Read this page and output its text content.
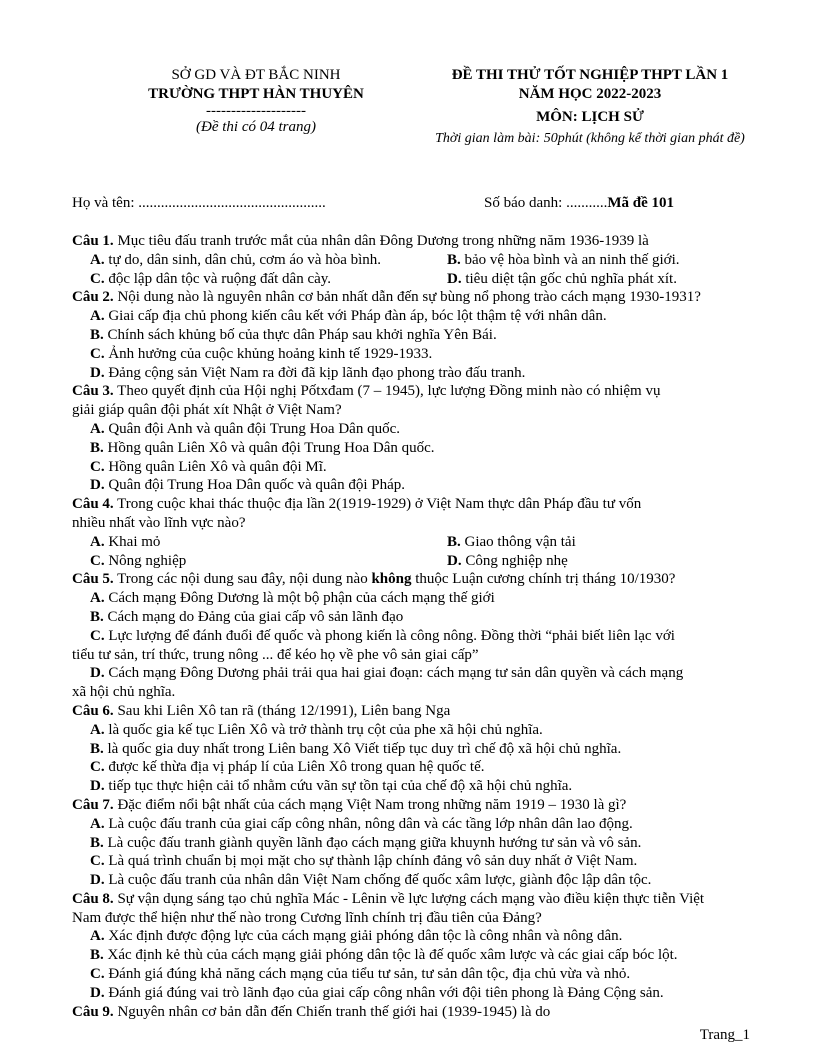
SỞ GD VÀ ĐT BẮC NINH
TRƯỜNG THPT HÀN THUYÊN
--------------------
(Đề thi có 04 trang)
ĐỀ THI THỬ TỐT NGHIỆP THPT LẦN 1
NĂM HỌC 2022-2023
MÔN: LỊCH SỬ
Thời gian làm bài: 50phút (không kể thời gian phát đề)
Họ và tên: ..................................................	Số báo danh: ...........Mã đề 101
Câu 1. Mục tiêu đấu tranh trước mắt của nhân dân Đông Dương trong những năm 1936-1939 là
A. tự do, dân sinh, dân chủ, cơm áo và hòa bình.	B. bảo vệ hòa bình và an ninh thế giới.
C. độc lập dân tộc và ruộng đất dân cày.	D. tiêu diệt tận gốc chủ nghĩa phát xít.
Câu 2. Nội dung nào là nguyên nhân cơ bản nhất dẫn đến sự bùng nổ phong trào cách mạng 1930-1931?
A. Giai cấp địa chủ phong kiến câu kết với Pháp đàn áp, bóc lột thậm tệ với nhân dân.
B. Chính sách khủng bố của thực dân Pháp sau khởi nghĩa Yên Bái.
C. Ảnh hưởng của cuộc khủng hoảng kinh tế 1929-1933.
D. Đảng cộng sản Việt Nam ra đời đã kịp lãnh đạo phong trào đấu tranh.
Câu 3. Theo quyết định của Hội nghị Pốtxđam (7 – 1945), lực lượng Đồng minh nào có nhiệm vụ
giải giáp quân đội phát xít Nhật ở Việt Nam?
A. Quân đội Anh và quân đội Trung Hoa Dân quốc.
B. Hồng quân Liên Xô và quân đội Trung Hoa Dân quốc.
C. Hồng quân Liên Xô và quân đội Mĩ.
D. Quân đội Trung Hoa Dân quốc và quân đội Pháp.
Câu 4. Trong cuộc khai thác thuộc địa lần 2(1919-1929) ở Việt Nam thực dân Pháp đầu tư vốn
nhiều nhất vào lĩnh vực nào?
A. Khai mỏ	B. Giao thông vận tải
C. Nông nghiệp	D. Công nghiệp nhẹ
Câu 5. Trong các nội dung sau đây, nội dung nào không thuộc Luận cương chính trị tháng 10/1930?
A. Cách mạng Đông Dương là một bộ phận của cách mạng thế giới
B. Cách mạng do Đảng của giai cấp vô sản lãnh đạo
C. Lực lượng để đánh đuổi đế quốc và phong kiến là công nông. Đồng thời “phải biết liên lạc với
tiểu tư sản, trí thức, trung nông ... để kéo họ về phe vô sản giai cấp”
D. Cách mạng Đông Dương phải trải qua hai giai đoạn: cách mạng tư sản dân quyền và cách mạng
xã hội chủ nghĩa.
Câu 6. Sau khi Liên Xô tan rã (tháng 12/1991), Liên bang Nga
A. là quốc gia kế tục Liên Xô và trở thành trụ cột của phe xã hội chủ nghĩa.
B. là quốc gia duy nhất trong Liên bang Xô Viết tiếp tục duy trì chế độ xã hội chủ nghĩa.
C. được kế thừa địa vị pháp lí của Liên Xô trong quan hệ quốc tế.
D. tiếp tục thực hiện cải tổ nhằm cứu vãn sự tồn tại của chế độ xã hội chủ nghĩa.
Câu 7. Đặc điểm nổi bật nhất của cách mạng Việt Nam trong những năm 1919 – 1930 là gì?
A. Là cuộc đấu tranh của giai cấp công nhân, nông dân và các tầng lớp nhân dân lao động.
B. Là cuộc đấu tranh giành quyền lãnh đạo cách mạng giữa khuynh hướng tư sản và vô sản.
C. Là quá trình chuẩn bị mọi mặt cho sự thành lập chính đảng vô sản duy nhất ở Việt Nam.
D. Là cuộc đấu tranh của nhân dân Việt Nam chống đế quốc xâm lược, giành độc lập dân tộc.
Câu 8. Sự vận dụng sáng tạo chủ nghĩa Mác - Lênin về lực lượng cách mạng vào điều kiện thực tiễn Việt
Nam được thể hiện như thế nào trong Cương lĩnh chính trị đầu tiên của Đảng?
A. Xác định được động lực của cách mạng giải phóng dân tộc là công nhân và nông dân.
B. Xác định kẻ thù của cách mạng giải phóng dân tộc là đế quốc xâm lược và các giai cấp bóc lột.
C. Đánh giá đúng khả năng cách mạng của tiểu tư sản, tư sản dân tộc, địa chủ vừa và nhỏ.
D. Đánh giá đúng vai trò lãnh đạo của giai cấp công nhân với đội tiên phong là Đảng Cộng sản.
Câu 9. Nguyên nhân cơ bản dẫn đến Chiến tranh thế giới hai (1939-1945) là do
Trang_1
